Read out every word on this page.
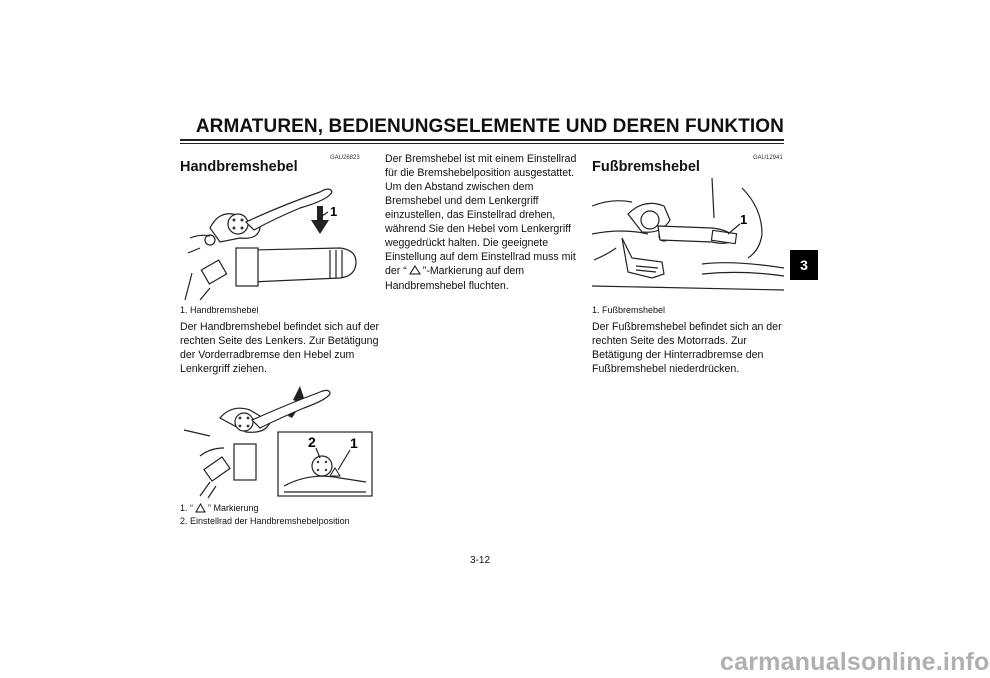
ARMATUREN, BEDIENUNGSELEMENTE UND DEREN FUNKTION
3
GAU26823
Handbremshebel
1
1. Handbremshebel
Der Handbremshebel befindet sich auf der rechten Seite des Lenkers. Zur Betätigung der Vorderradbremse den Hebel zum Lenkergriff ziehen.
2 1
1. “ ” Markierung
2. Einstellrad der Handbremshebelposition
Der Bremshebel ist mit einem Einstellrad für die Bremshebelposition ausgestattet. Um den Abstand zwischen dem Bremshebel und dem Lenkergriff einzustellen, das Einstellrad drehen, während Sie den Hebel vom Lenkergriff weggedrückt halten. Die geeignete Einstellung auf dem Einstellrad muss mit der “ ”-Markierung auf dem Handbremshebel fluchten.
GAU12941
Fußbremshebel
1
1. Fußbremshebel
Der Fußbremshebel befindet sich an der rechten Seite des Motorrads. Zur Betätigung der Hinterradbremse den Fußbremshebel niederdrücken.
3-12
carmanualsonline.info
